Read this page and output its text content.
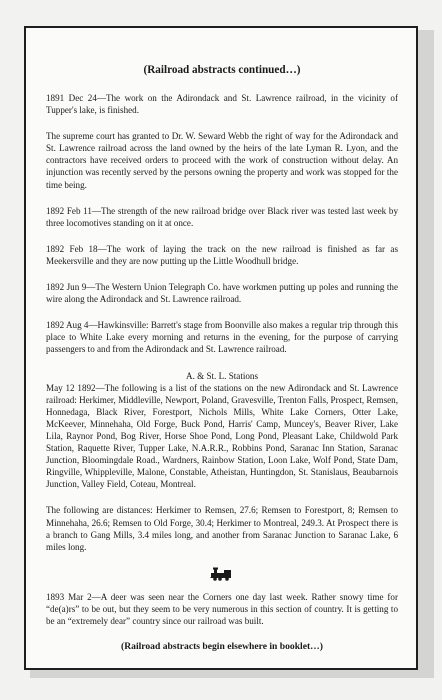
(Railroad abstracts continued…)

1891 Dec 24—The work on the Adirondack and St. Lawrence railroad, in the vicinity of Tupper's lake, is finished.

The supreme court has granted to Dr. W. Seward Webb the right of way for the Adirondack and St. Lawrence railroad across the land owned by the heirs of the late Lyman R. Lyon, and the contractors have received orders to proceed with the work of construction without delay. An injunction was recently served by the persons owning the property and work was stopped for the time being.

1892 Feb 11—The strength of the new railroad bridge over Black river was tested last week by three locomotives standing on it at once.

1892 Feb 18—The work of laying the track on the new railroad is finished as far as Meekersville and they are now putting up the Little Woodhull bridge.

1892 Jun 9—The Western Union Telegraph Co. have workmen putting up poles and running the wire along the Adirondack and St. Lawrence railroad.

1892 Aug 4—Hawkinsville: Barrett's stage from Boonville also makes a regular trip through this place to White Lake every morning and returns in the evening, for the purpose of carrying passengers to and from the Adirondack and St. Lawrence railroad.

A. & St. L. Stations

May 12 1892—The following is a list of the stations on the new Adirondack and St. Lawrence railroad: Herkimer, Middleville, Newport, Poland, Gravesville, Trenton Falls, Prospect, Remsen, Honnedaga, Black River, Forestport, Nichols Mills, White Lake Corners, Otter Lake, McKeever, Minnehaha, Old Forge, Buck Pond, Harris' Camp, Muncey's, Beaver River, Lake Lila, Raynor Pond, Bog River, Horse Shoe Pond, Long Pond, Pleasant Lake, Childwold Park Station, Raquette River, Tupper Lake, N.A.R.R., Robbins Pond, Saranac Inn Station, Saranac Junction, Bloomingdale Road., Wardners, Rainbow Station, Loon Lake, Wolf Pond, State Dam, Ringville, Whippleville, Malone, Constable, Atheistan, Huntingdon, St. Stanislaus, Beaubarnois Junction, Valley Field, Coteau, Montreal.

The following are distances: Herkimer to Remsen, 27.6; Remsen to Forestport, 8; Remsen to Minnehaha, 26.6; Remsen to Old Forge, 30.4; Herkimer to Montreal, 249.3. At Prospect there is a branch to Gang Mills, 3.4 miles long, and another from Saranac Junction to Saranac Lake, 6 miles long.

1893 Mar 2—A deer was seen near the Corners one day last week. Rather snowy time for “de(a)rs” to be out, but they seem to be very numerous in this section of country. It is getting to be an “extremely dear” country since our railroad was built.

(Railroad abstracts begin elsewhere in booklet…)
